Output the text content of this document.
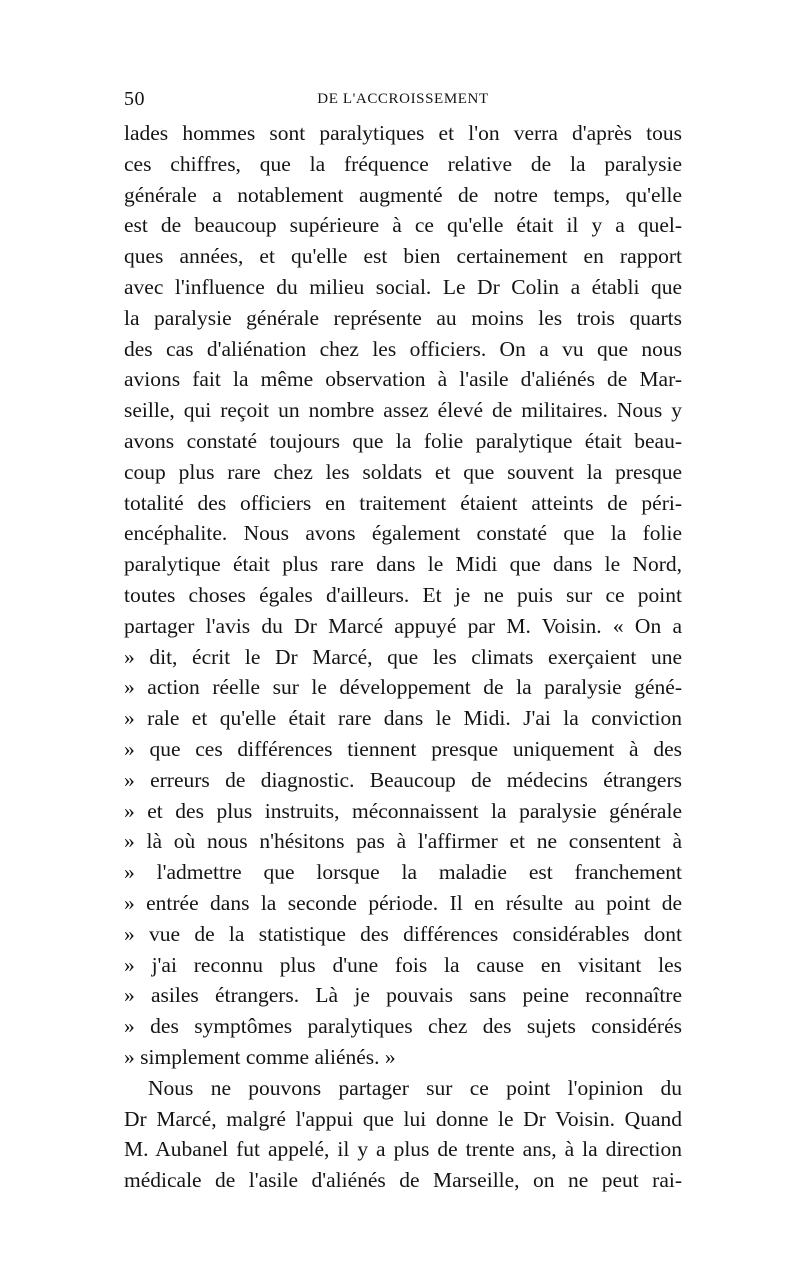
50	DE L'ACCROISSEMENT
lades hommes sont paralytiques et l'on verra d'après tous
ces chiffres, que la fréquence relative de la paralysie
générale a notablement augmenté de notre temps, qu'elle
est de beaucoup supérieure à ce qu'elle était il y a quel-
ques années, et qu'elle est bien certainement en rapport
avec l'influence du milieu social. Le Dr Colin a établi que
la paralysie générale représente au moins les trois quarts
des cas d'aliénation chez les officiers. On a vu que nous
avions fait la même observation à l'asile d'aliénés de Mar-
seille, qui reçoit un nombre assez élevé de militaires. Nous y
avons constaté toujours que la folie paralytique était beau-
coup plus rare chez les soldats et que souvent la presque
totalité des officiers en traitement étaient atteints de péri-
encéphalite. Nous avons également constaté que la folie
paralytique était plus rare dans le Midi que dans le Nord,
toutes choses égales d'ailleurs. Et je ne puis sur ce point
partager l'avis du Dr Marcé appuyé par M. Voisin. « On a
» dit, écrit le Dr Marcé, que les climats exerçaient une
» action réelle sur le développement de la paralysie géné-
» rale et qu'elle était rare dans le Midi. J'ai la conviction
» que ces différences tiennent presque uniquement à des
» erreurs de diagnostic. Beaucoup de médecins étrangers
» et des plus instruits, méconnaissent la paralysie générale
» là où nous n'hésitons pas à l'affirmer et ne consentent à
» l'admettre que lorsque la maladie est franchement
» entrée dans la seconde période. Il en résulte au point de
» vue de la statistique des différences considérables dont
» j'ai reconnu plus d'une fois la cause en visitant les
» asiles étrangers. Là je pouvais sans peine reconnaître
» des symptômes paralytiques chez des sujets considérés
» simplement comme aliénés. »
Nous ne pouvons partager sur ce point l'opinion du
Dr Marcé, malgré l'appui que lui donne le Dr Voisin. Quand
M. Aubanel fut appelé, il y a plus de trente ans, à la direction
médicale de l'asile d'aliénés de Marseille, on ne peut rai-
